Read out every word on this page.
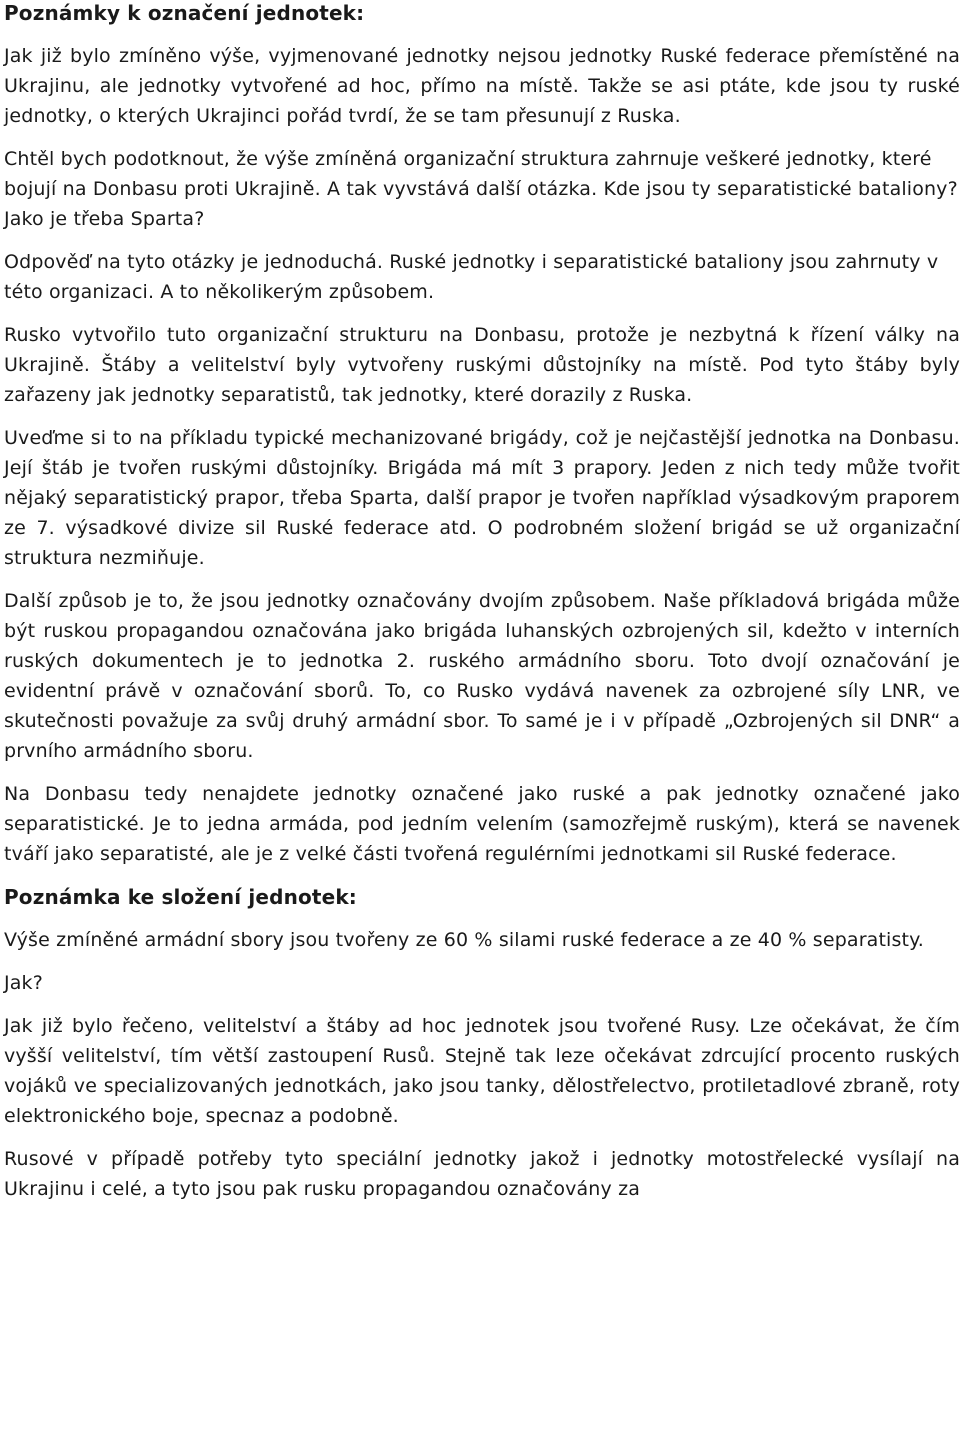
Poznámky k označení jednotek:

Jak již bylo zmíněno výše, vyjmenované jednotky nejsou jednotky Ruské federace přemístěné na Ukrajinu, ale jednotky vytvořené ad hoc, přímo na místě. Takže se asi ptáte, kde jsou ty ruské jednotky, o kterých Ukrajinci pořád tvrdí, že se tam přesunují z Ruska.

Chtěl bych podotknout, že výše zmíněná organizační struktura zahrnuje veškeré jednotky, které bojují na Donbasu proti Ukrajině. A tak vyvstává další otázka. Kde jsou ty separatistické bataliony? Jako je třeba Sparta?

Odpověď na tyto otázky je jednoduchá. Ruské jednotky i separatistické bataliony jsou zahrnuty v této organizaci. A to několikerým způsobem.

Rusko vytvořilo tuto organizační strukturu na Donbasu, protože je nezbytná k řízení války na Ukrajině. Štáby a velitelství byly vytvořeny ruskými důstojníky na místě. Pod tyto štáby byly zařazeny jak jednotky separatistů, tak jednotky, které dorazily z Ruska.

Uveďme si to na příkladu typické mechanizované brigády, což je nejčastější jednotka na Donbasu. Její štáb je tvořen ruskými důstojníky. Brigáda má mít 3 prapory. Jeden z nich tedy může tvořit nějaký separatistický prapor, třeba Sparta, další prapor je tvořen například výsadkovým praporem ze 7. výsadkové divize sil Ruské federace atd. O podrobném složení brigád se už organizační struktura nezmiňuje.

Další způsob je to, že jsou jednotky označovány dvojím způsobem. Naše příkladová brigáda může být ruskou propagandou označována jako brigáda luhanských ozbrojených sil, kdežto v interních ruských dokumentech je to jednotka 2. ruského armádního sboru. Toto dvojí označování je evidentní právě v označování sborů. To, co Rusko vydává navenek za ozbrojené síly LNR, ve skutečnosti považuje za svůj druhý armádní sbor. To samé je i v případě „Ozbrojených sil DNR“ a prvního armádního sboru.

Na Donbasu tedy nenajdete jednotky označené jako ruské a pak jednotky označené jako separatistické. Je to jedna armáda, pod jedním velením (samozřejmě ruským), která se navenek tváří jako separatisté, ale je z velké části tvořená regulérními jednotkami sil Ruské federace.

Poznámka ke složení jednotek:

Výše zmíněné armádní sbory jsou tvořeny ze 60 % silami ruské federace a ze 40 % separatisty.

Jak?

Jak již bylo řečeno, velitelství a štáby ad hoc jednotek jsou tvořené Rusy. Lze očekávat, že čím vyšší velitelství, tím větší zastoupení Rusů. Stejně tak leze očekávat zdrcující procento ruských vojáků ve specializovaných jednotkách, jako jsou tanky, dělostřelectvo, protiletadlové zbraně, roty elektronického boje, specnaz a podobně.

Rusové v případě potřeby tyto speciální jednotky jakož i jednotky motostřelecké vysílají na Ukrajinu i celé, a tyto jsou pak rusku propagandou označovány za
